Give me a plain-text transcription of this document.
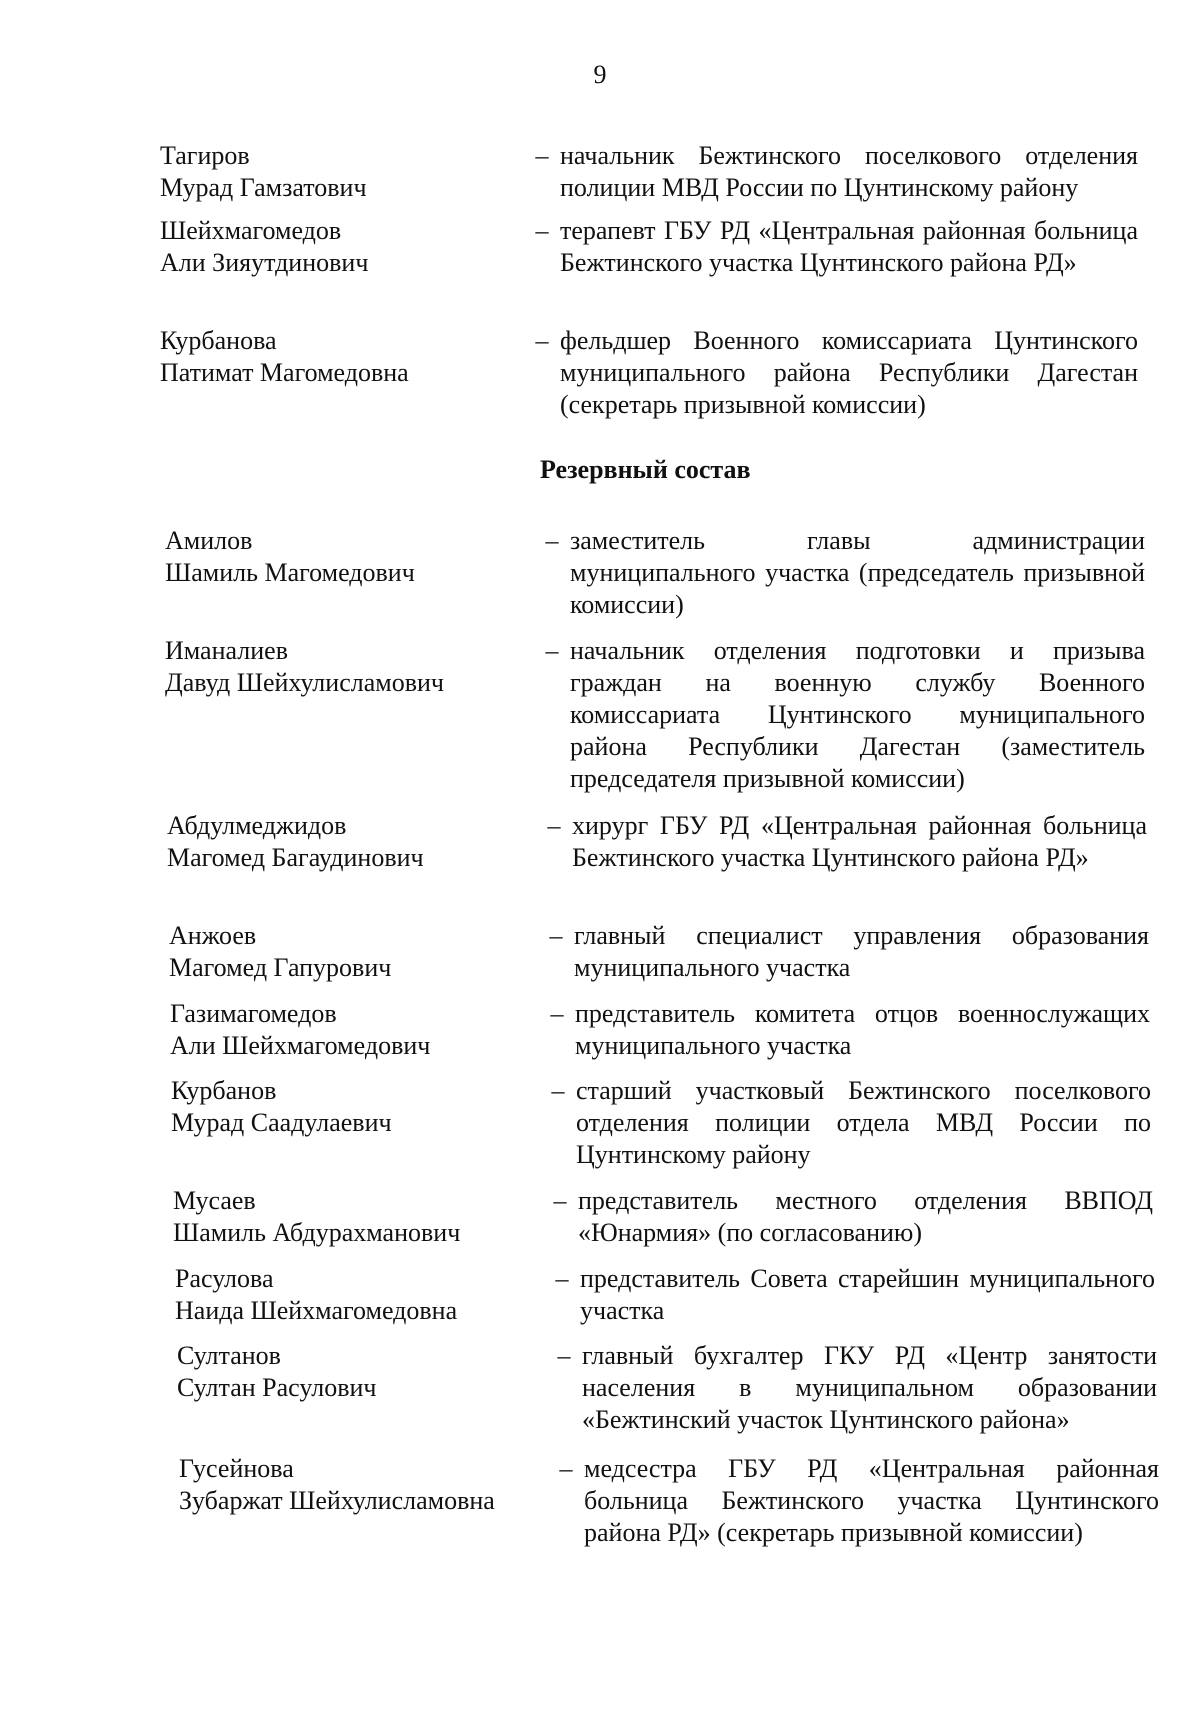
9
Тагиров
Мурад Гамзатович
– начальник Бежтинского поселкового отделения полиции МВД России по Цунтинскому району
Шейхмагомедов
Али Зияутдинович
– терапевт ГБУ РД «Центральная районная больница Бежтинского участка Цунтинского района РД»
Курбанова
Патимат Магомедовна
– фельдшер Военного комиссариата Цунтинского муниципального района Республики Дагестан (секретарь призывной комиссии)
Резервный состав
Амилов
Шамиль Магомедович
– заместитель главы администрации муниципального участка (председатель призывной комиссии)
Иманалиев
Давуд Шейхулисламович
– начальник отделения подготовки и призыва граждан на военную службу Военного комиссариата Цунтинского муниципального района Республики Дагестан (заместитель председателя призывной комиссии)
Абдулмеджидов
Магомед Багаудинович
– хирург ГБУ РД «Центральная районная больница Бежтинского участка Цунтинского района РД»
Анжоев
Магомед Гапурович
– главный специалист управления образования муниципального участка
Газимагомедов
Али Шейхмагомедович
– представитель комитета отцов военнослужащих муниципального участка
Курбанов
Мурад Саадулаевич
– старший участковый Бежтинского поселкового отделения полиции отдела МВД России по Цунтинскому району
Мусаев
Шамиль Абдурахманович
– представитель местного отделения ВВПОД «Юнармия» (по согласованию)
Расулова
Наида Шейхмагомедовна
– представитель Совета старейшин муниципального участка
Султанов
Султан Расулович
– главный бухгалтер ГКУ РД «Центр занятости населения в муниципальном образовании «Бежтинский участок Цунтинского района»
Гусейнова
Зубаржат Шейхулисламовна
– медсестра ГБУ РД «Центральная районная больница Бежтинского участка Цунтинского района РД» (секретарь призывной комиссии)
